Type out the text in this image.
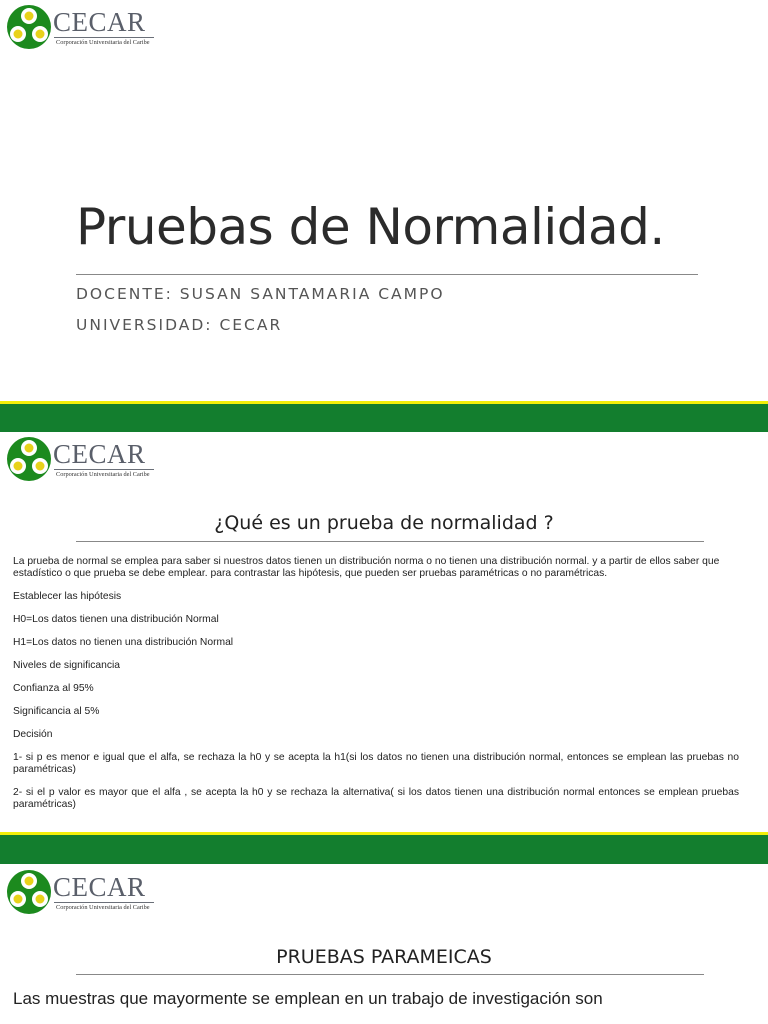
CECAR
Corporación Universitaria del Caribe
Pruebas de Normalidad.
DOCENTE: SUSAN SANTAMARIA CAMPO
UNIVERSIDAD: CECAR
CECAR
Corporación Universitaria del Caribe
¿Qué es un prueba de normalidad ?

La prueba de normal se emplea para saber si nuestros datos tienen un distribución norma o no tienen una distribución normal. y a partir de ellos saber que estadístico o que prueba se debe emplear. para contrastar las hipótesis, que pueden ser pruebas paramétricas o no paramétricas.

Establecer las hipótesis

H0=Los datos tienen una distribución Normal

H1=Los datos no tienen una distribución Normal

Niveles de significancia

Confianza al 95%

Significancia al 5%

Decisión

1- si p es menor e igual que el alfa, se rechaza la h0 y se acepta la h1(si los datos no tienen una distribución normal, entonces se emplean las pruebas no paramétricas)

2- si el p valor es mayor que el alfa , se acepta la h0 y se rechaza la alternativa( si los datos tienen una distribución normal entonces se emplean pruebas paramétricas)

CECAR
Corporación Universitaria del Caribe
PRUEBAS PARAMEICAS
Las muestras que mayormente se emplean en un trabajo de investigación son
